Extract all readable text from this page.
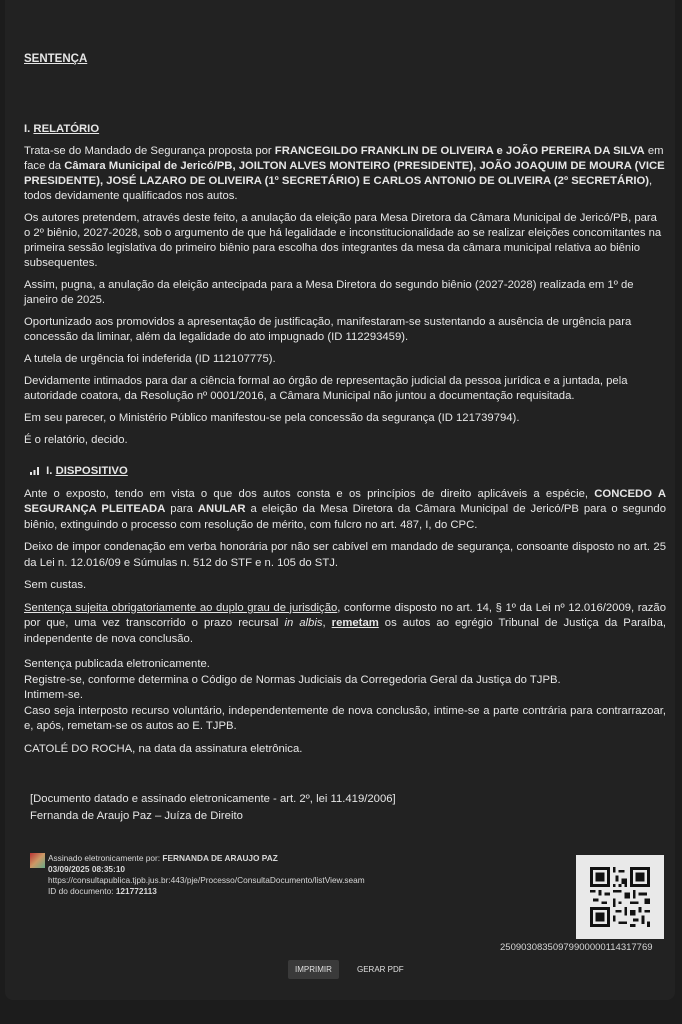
SENTENÇA
I. RELATÓRIO

Trata-se do Mandado de Segurança proposta por FRANCEGILDO FRANKLIN DE OLIVEIRA e JOÃO PEREIRA DA SILVA em face da Câmara Municipal de Jericó/PB, JOILTON ALVES MONTEIRO (PRESIDENTE), JOÃO JOAQUIM DE MOURA (VICE PRESIDENTE), JOSÉ LAZARO DE OLIVEIRA (1º SECRETÁRIO) E CARLOS ANTONIO DE OLIVEIRA (2º SECRETÁRIO), todos devidamente qualificados nos autos.

Os autores pretendem, através deste feito, a anulação da eleição para Mesa Diretora da Câmara Municipal de Jericó/PB, para o 2º biênio, 2027-2028, sob o argumento de que há legalidade e inconstitucionalidade ao se realizar eleições concomitantes na primeira sessão legislativa do primeiro biênio para escolha dos integrantes da mesa da câmara municipal relativa ao biênio subsequentes.

Assim, pugna, a anulação da eleição antecipada para a Mesa Diretora do segundo biênio (2027-2028) realizada em 1º de janeiro de 2025.

Oportunizado aos promovidos a apresentação de justificação, manifestaram-se sustentando a ausência de urgência para concessão da liminar, além da legalidade do ato impugnado (ID 112293459).

A tutela de urgência foi indeferida (ID 112107775).

Devidamente intimados para dar a ciência formal ao órgão de representação judicial da pessoa jurídica e a juntada, pela autoridade coatora, da Resolução nº 0001/2016, a Câmara Municipal não juntou a documentação requisitada.

Em seu parecer, o Ministério Público manifestou-se pela concessão da segurança (ID 121739794).

É o relatório, decido.

I. DISPOSITIVO

Ante o exposto, tendo em vista o que dos autos consta e os princípios de direito aplicáveis a espécie, CONCEDO A SEGURANÇA PLEITEADA para ANULAR a eleição da Mesa Diretora da Câmara Municipal de Jericó/PB para o segundo biênio, extinguindo o processo com resolução de mérito, com fulcro no art. 487, I, do CPC.

Deixo de impor condenação em verba honorária por não ser cabível em mandado de segurança, consoante disposto no art. 25 da Lei n. 12.016/09 e Súmulas n. 512 do STF e n. 105 do STJ.

Sem custas.

Sentença sujeita obrigatoriamente ao duplo grau de jurisdição, conforme disposto no art. 14, § 1º da Lei nº 12.016/2009, razão por que, uma vez transcorrido o prazo recursal in albis, remetam os autos ao egrégio Tribunal de Justiça da Paraíba, independente de nova conclusão.

Sentença publicada eletronicamente.
Registre-se, conforme determina o Código de Normas Judiciais da Corregedoria Geral da Justiça do TJPB.
Intimem-se.
Caso seja interposto recurso voluntário, independentemente de nova conclusão, intime-se a parte contrária para contrarrazoar, e, após, remetam-se os autos ao E. TJPB.

CATOLÉ DO ROCHA, na data da assinatura eletrônica.

[Documento datado e assinado eletronicamente - art. 2º, lei 11.419/2006]
Fernanda de Araujo Paz – Juíza de Direito
Assinado eletronicamente por: FERNANDA DE ARAUJO PAZ
03/09/2025 08:35:10
https://consultapublica.tjpb.jus.br:443/pje/Processo/ConsultaDocumento/listView.seam
ID do documento: 121772113
25090308350979900000114317769
IMPRIMIR	GERAR PDF
